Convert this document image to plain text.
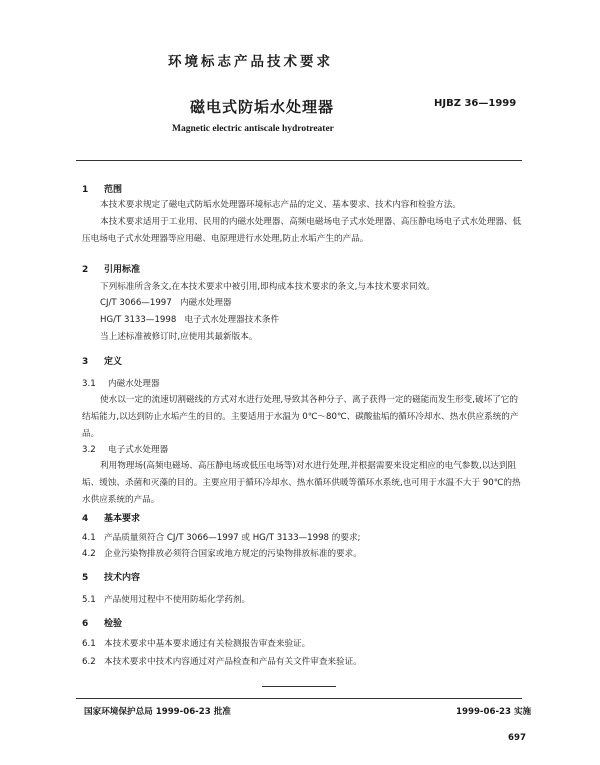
环境标志产品技术要求
磁电式防垢水处理器	HJBZ 36—1999
Magnetic electric antiscale hydrotreater
1 范围
本技术要求规定了磁电式防垢水处理器环境标志产品的定义、基本要求、技术内容和检验方法。
本技术要求适用于工业用、民用的内磁水处理器、高频电磁场电子式水处理器、高压静电场电子式水处理器、低压电场电子式水处理器等应用磁、电原理进行水处理,防止水垢产生的产品。
2 引用标准
下列标准所含条文,在本技术要求中被引用,即构成本技术要求的条文,与本技术要求同效。
CJ/T 3066—1997   内磁水处理器
HG/T 3133—1998   电子式水处理器技术条件
当上述标准被修订时,应使用其最新版本。
3 定义
3.1 内磁水处理器
使水以一定的流速切割磁线的方式对水进行处理,导致其各种分子、离子获得一定的磁能而发生形变,破坏了它的结垢能力,以达到防止水垢产生的目的。主要适用于水温为 0℃～80℃、碳酸盐垢的循环冷却水、热水供应系统的产品。
3.2 电子式水处理器
利用物理场(高频电磁场、高压静电场或低压电场等)对水进行处理,并根据需要来设定相应的电气参数,以达到阻垢、缓蚀、杀菌和灭藻的目的。主要应用于循环冷却水、热水循环供暖等循环水系统,也可用于水温不大于 90℃的热水供应系统的产品。
4 基本要求
4.1 产品质量须符合 CJ/T 3066—1997 或 HG/T 3133—1998 的要求;
4.2 企业污染物排放必须符合国家或地方规定的污染物排放标准的要求。
5 技术内容
5.1 产品使用过程中不使用防垢化学药剂。
6 检验
6.1 本技术要求中基本要求通过有关检测报告审查来验证。
6.2 本技术要求中技术内容通过对产品检查和产品有关文件审查来验证。
国家环境保护总局 1999-06-23 批准	1999-06-23 实施
697
